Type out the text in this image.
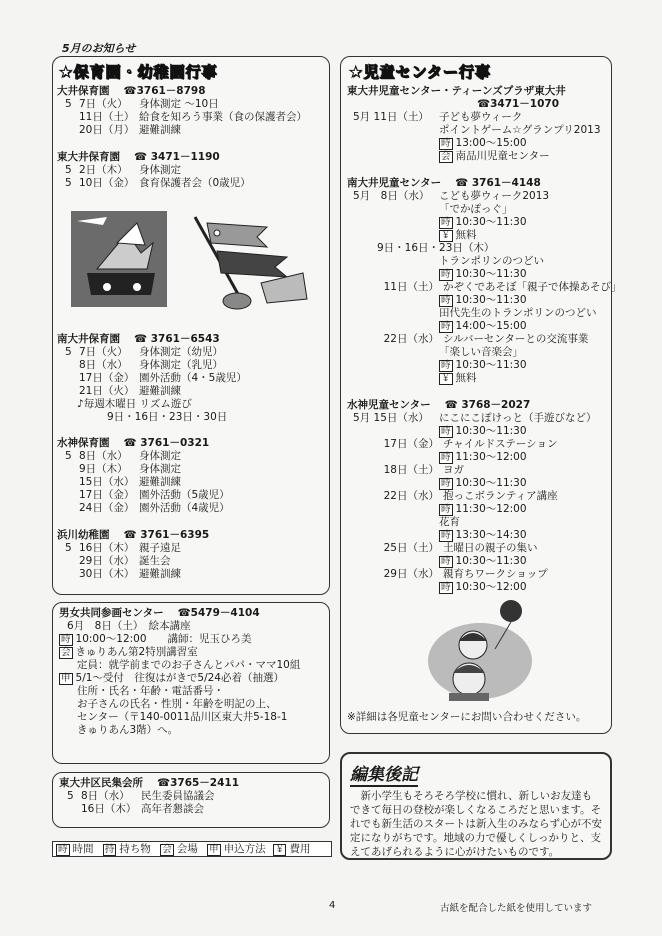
5月のお知らせ
★保育園・幼稚園行事
大井保育園 ☎3761－8798
5 7日（火） 身体測定 ～10日
11日（土） 給食を知ろう事業（食の保護者会）
20日（月） 避難訓練
東大井保育園 ☎ 3471－1190
5 2日（木） 身体測定
5 10日（金） 食育保護者会（0歳児）
南大井保育園 ☎ 3761－6543
5 7日（火） 身体測定（幼児）
8日（水） 身体測定（乳児）
17日（金） 園外活動（4・5歳児）
21日（火） 避難訓練
♪毎週木曜日 リズム遊び
9日・16日・23日・30日
水神保育園 ☎ 3761－0321
5 8日（水） 身体測定
9日（木） 身体測定
15日（水） 避難訓練
17日（金） 園外活動（5歳児）
24日（金） 園外活動（4歳児）
浜川幼稚園 ☎ 3761－6395
5 16日（木） 親子遠足
29日（水） 誕生会
30日（木） 避難訓練
男女共同参画センター ☎5479－4104
6月　8日（土）　絵本講座
時 10:00～12:00　　講師：児玉ひろ美
会 きゅりあん第2特別講習室
定員：就学前までのお子さんとパパ・ママ10組
申 5/1～受付　往復はがきで5/24必着（抽選）
住所・氏名・年齢・電話番号・
お子さんの氏名・性別・年齢を明記の上、
センター（〒140-0011品川区東大井5-18-1
きゅりあん3階）へ。
東大井区民集会所 ☎3765－2411
5 8日（水） 民生委員協議会
16日（木） 高年者懇談会
時 時間 持 持ち物 会 会場 申 申込方法 ￥ 費用
★児童センター行事
東大井児童センター・ティーンズプラザ東大井
☎3471－1070
5月 11日（土） 子ども夢ウィーク
ポイントゲーム☆グランプリ2013
時 13:00～15:00
会 南品川児童センター
南大井児童センター ☎ 3761－4148
5月　8日（水） こども夢ウィーク2013
「でかぽっぐ」
時 10:30～11:30
￥ 無料
9日・16日・23日（木）
トランポリンのつどい
時 10:30～11:30
11日（土） かぞくであそぼ「親子で体操あそび」
時 10:30～11:30
田代先生のトランポリンのつどい
時 14:00～15:00
22日（水） シルバーセンターとの交流事業
「楽しい音楽会」
時 10:30～11:30
￥ 無料
水神児童センター ☎ 3768－2027
5月 15日（水） にこにこぽけっと（手遊びなど）
時 10:30～11:30
17日（金） チャイルドステーション
時 11:30～12:00
18日（土） ヨガ
時 10:30～11:30
22日（水） 抱っこボランティア講座
時 11:30～12:00
花育
時 13:30～14:30
25日（土） 土曜日の親子の集い
時 10:30～11:30
29日（水） 親育ちワークショップ
時 10:30～12:00
※詳細は各児童センターにお問い合わせください。
編集後記
　新小学生もそろそろ学校に慣れ、新しいお友達もできて毎日の登校が楽しくなるころだと思います。それでも新生活のスタートは新入生のみならず心が不安定になりがちです。地域の力で優しくしっかりと、支えてあげられるように心がけたいものです。
4	古紙を配合した紙を使用しています
